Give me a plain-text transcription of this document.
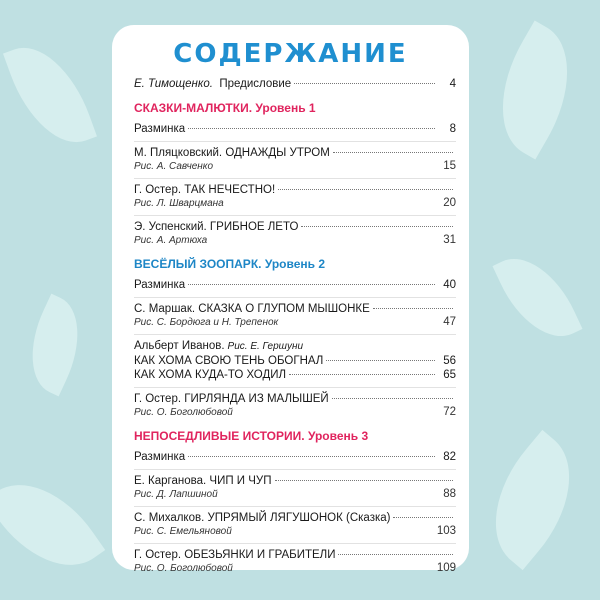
СОДЕРЖАНИЕ
Е. Тимощенко. Предисловие	4
СКАЗКИ-МАЛЮТКИ. Уровень 1
Разминка	8
М. Пляцковский. ОДНАЖДЫ УТРОМ
Рис. А. Савченко	15
Г. Остер. ТАК НЕЧЕСТНО!
Рис. Л. Шварцмана	20
Э. Успенский. ГРИБНОЕ ЛЕТО
Рис. А. Артюха	31
ВЕСЁЛЫЙ ЗООПАРК. Уровень 2
Разминка	40
С. Маршак. СКАЗКА О ГЛУПОМ МЫШОНКЕ
Рис. С. Бордюга и Н. Трепенок	47
Альберт Иванов. Рис. Е. Гершуни
КАК ХОМА СВОЮ ТЕНЬ ОБОГНАЛ	56
КАК ХОМА КУДА-ТО ХОДИЛ	65
Г. Остер. ГИРЛЯНДА ИЗ МАЛЫШЕЙ
Рис. О. Боголюбовой	72
НЕПОСЕДЛИВЫЕ ИСТОРИИ. Уровень 3
Разминка	82
Е. Карганова. ЧИП И ЧУП
Рис. Д. Лапшиной	88
С. Михалков. УПРЯМЫЙ ЛЯГУШОНОК (Сказка)
Рис. С. Емельяновой	103
Г. Остер. ОБЕЗЬЯНКИ И ГРАБИТЕЛИ
Рис. О. Боголюбовой	109
